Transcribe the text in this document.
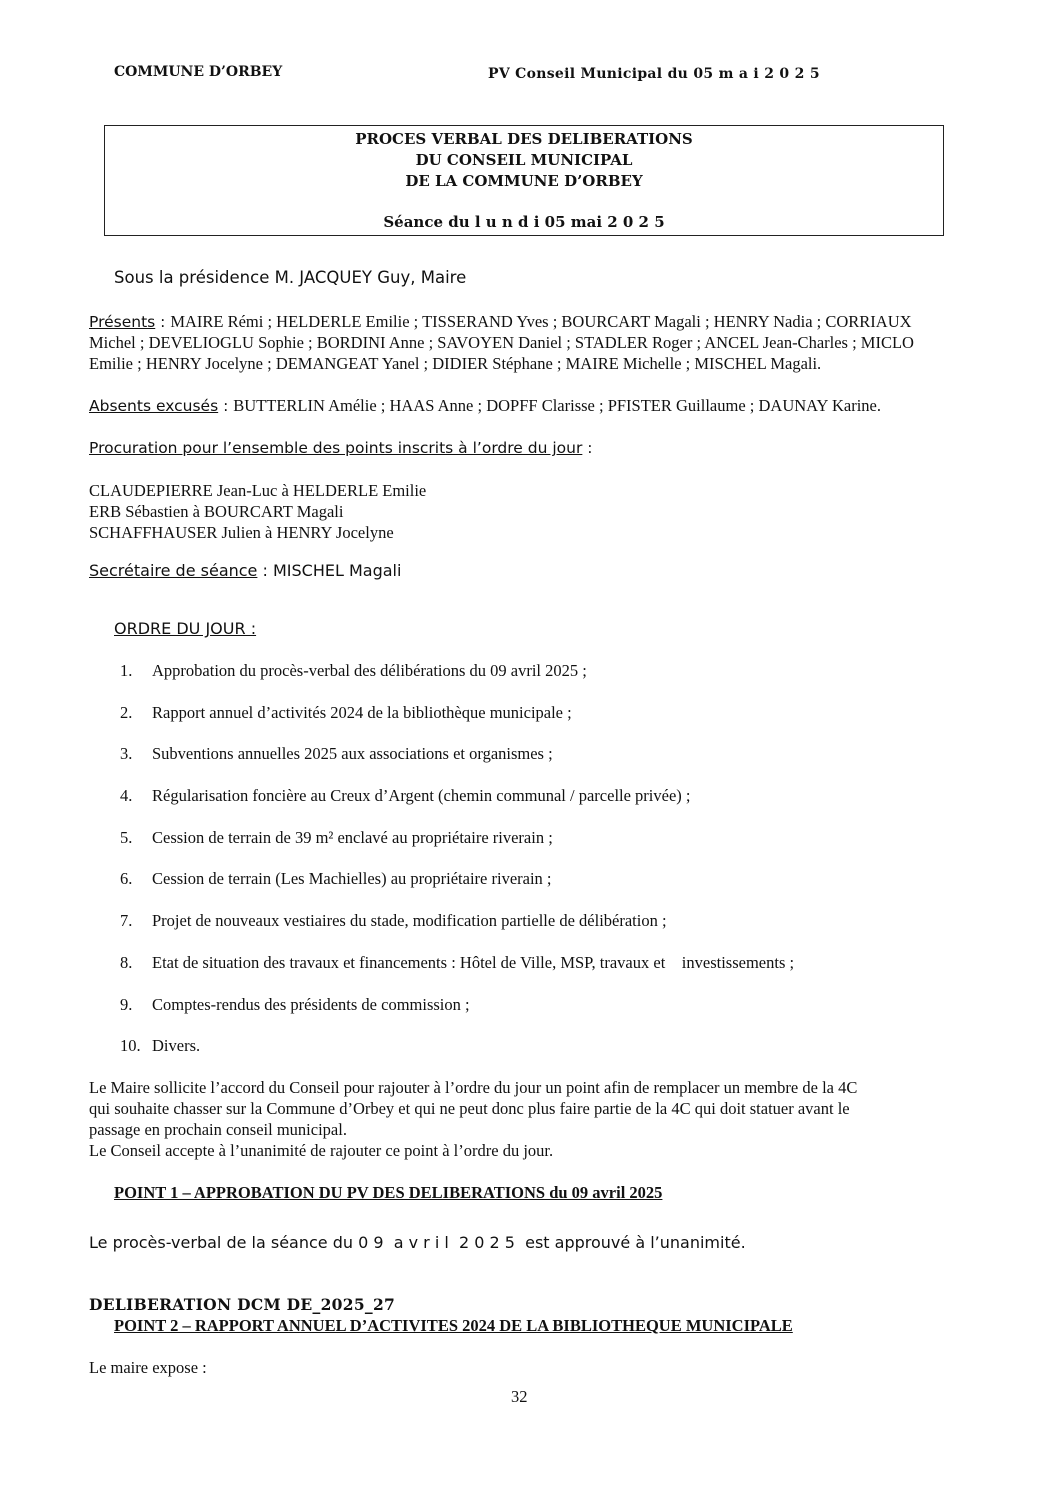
COMMUNE D’ORBEY	PV Conseil Municipal du 05 m a i 2 0 2 5
PROCES VERBAL DES DELIBERATIONS
DU CONSEIL MUNICIPAL
DE LA COMMUNE D’ORBEY
Séance du l u n d i 05 mai 2 0 2 5
Sous la présidence M. JACQUEY Guy, Maire
Présents : MAIRE Rémi ; HELDERLE Emilie ; TISSERAND Yves ; BOURCART Magali ; HENRY Nadia ; CORRIAUX
Michel ; DEVELIOGLU Sophie ; BORDINI Anne ; SAVOYEN Daniel ; STADLER Roger ; ANCEL Jean-Charles ; MICLO
Emilie ; HENRY Jocelyne ; DEMANGEAT Yanel ; DIDIER Stéphane ; MAIRE Michelle ; MISCHEL Magali.
Absents excusés : BUTTERLIN Amélie ; HAAS Anne ; DOPFF Clarisse ; PFISTER Guillaume ; DAUNAY Karine.
Procuration pour l’ensemble des points inscrits à l’ordre du jour :
CLAUDEPIERRE Jean-Luc à HELDERLE Emilie
ERB Sébastien à BOURCART Magali
SCHAFFHAUSER Julien à HENRY Jocelyne
Secrétaire de séance : MISCHEL Magali
ORDRE DU JOUR :
1. Approbation du procès-verbal des délibérations du 09 avril 2025 ;
2. Rapport annuel d’activités 2024 de la bibliothèque municipale ;
3. Subventions annuelles 2025 aux associations et organismes ;
4. Régularisation foncière au Creux d’Argent (chemin communal / parcelle privée) ;
5. Cession de terrain de 39 m² enclavé au propriétaire riverain ;
6. Cession de terrain (Les Machielles) au propriétaire riverain ;
7. Projet de nouveaux vestiaires du stade, modification partielle de délibération ;
8. Etat de situation des travaux et financements : Hôtel de Ville, MSP, travaux et    investissements ;
9. Comptes-rendus des présidents de commission ;
10. Divers.
Le Maire sollicite l’accord du Conseil pour rajouter à l’ordre du jour un point afin de remplacer un membre de la 4C
qui souhaite chasser sur la Commune d’Orbey et qui ne peut donc plus faire partie de la 4C qui doit statuer avant le
passage en prochain conseil municipal.
Le Conseil accepte à l’unanimité de rajouter ce point à l’ordre du jour.
POINT 1 – APPROBATION DU PV DES DELIBERATIONS du 09 avril 2025
Le procès-verbal de la séance du 0 9  a v r i l  2 0 2 5  est approuvé à l’unanimité.
DELIBERATION DCM DE_2025_27
POINT 2 – RAPPORT ANNUEL D’ACTIVITES 2024 DE LA BIBLIOTHEQUE MUNICIPALE
Le maire expose :
32
